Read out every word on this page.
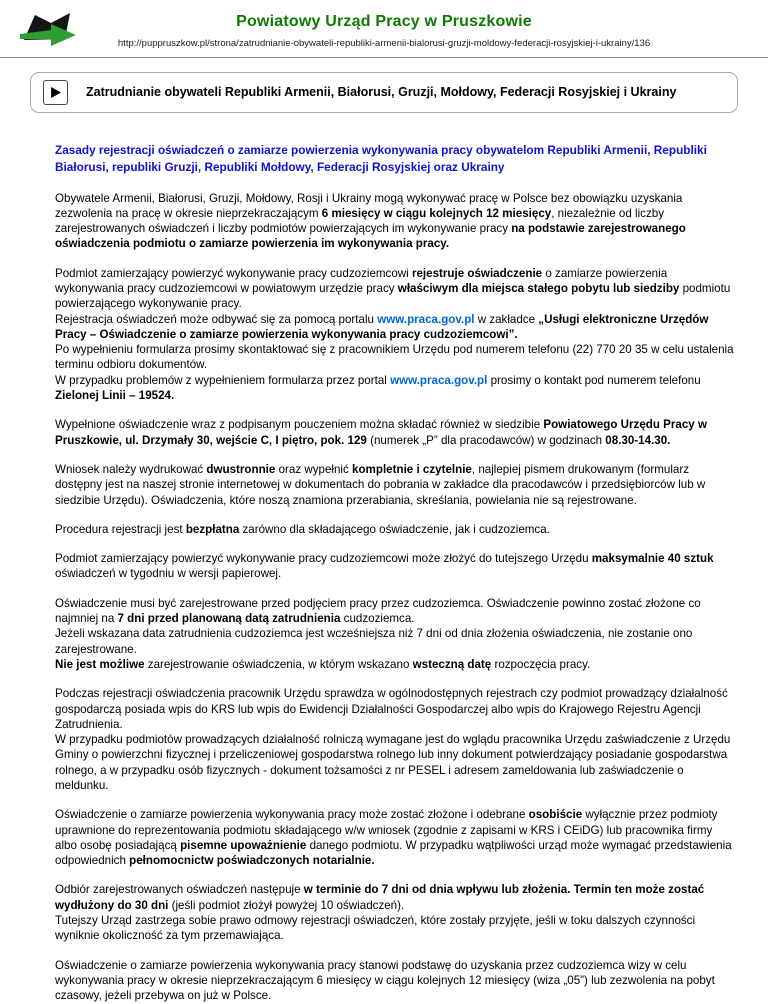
Powiatowy Urząd Pracy w Pruszkowie
http://puppruszkow.pl/strona/zatrudnianie-obywateli-republiki-armenii-bialorusi-gruzji-moldowy-federacji-rosyjskiej-i-ukrainy/136
Zatrudnianie obywateli Republiki Armenii, Białorusi, Gruzji, Mołdowy, Federacji Rosyjskiej i Ukrainy

Zasady rejestracji oświadczeń o zamiarze powierzenia wykonywania pracy obywatelom Republiki Armenii, Republiki Białorusi, republiki Gruzji, Republiki Mołdowy, Federacji Rosyjskiej oraz Ukrainy

Obywatele Armenii, Białorusi, Gruzji, Mołdowy, Rosji i Ukrainy mogą wykonywać pracę w Polsce bez obowiązku uzyskania zezwolenia na pracę w okresie nieprzekraczającym 6 miesięcy w ciągu kolejnych 12 miesięcy, niezależnie od liczby zarejestrowanych oświadczeń i liczby podmiotów powierzających im wykonywanie pracy na podstawie zarejestrowanego oświadczenia podmiotu o zamiarze powierzenia im wykonywania pracy.

Podmiot zamierzający powierzyć wykonywanie pracy cudzoziemcowi rejestruje oświadczenie o zamiarze powierzenia wykonywania pracy cudzoziemcowi w powiatowym urzędzie pracy właściwym dla miejsca stałego pobytu lub siedziby podmiotu powierzającego wykonywanie pracy.
Rejestracja oświadczeń może odbywać się za pomocą portalu www.praca.gov.pl w zakładce „Usługi elektroniczne Urzędów Pracy – Oświadczenie o zamiarze powierzenia wykonywania pracy cudzoziemcowi”.
Po wypełnieniu formularza prosimy skontaktować się z pracownikiem Urzędu pod numerem telefonu (22) 770 20 35 w celu ustalenia terminu odbioru dokumentów.
W przypadku problemów z wypełnieniem formularza przez portal www.praca.gov.pl prosimy o kontakt pod numerem telefonu Zielonej Linii – 19524.

Wypełnione oświadczenie wraz z podpisanym pouczeniem można składać również w siedzibie Powiatowego Urzędu Pracy w Pruszkowie, ul. Drzymały 30, wejście C, I piętro, pok. 129 (numerek „P” dla pracodawców) w godzinach 08.30-14.30.

Wniosek należy wydrukować dwustronnie oraz wypełnić kompletnie i czytelnie, najlepiej pismem drukowanym (formularz dostępny jest na naszej stronie internetowej w dokumentach do pobrania w zakładce dla pracodawców i przedsiębiorców lub w siedzibie Urzędu). Oświadczenia, które noszą znamiona przerabiania, skreślania, powielania nie są rejestrowane.

Procedura rejestracji jest bezpłatna zarówno dla składającego oświadczenie, jak i cudzoziemca.

Podmiot zamierzający powierzyć wykonywanie pracy cudzoziemcowi może złożyć do tutejszego Urzędu maksymalnie 40 sztuk oświadczeń w tygodniu w wersji papierowej.

Oświadczenie musi być zarejestrowane przed podjęciem pracy przez cudzoziemca. Oświadczenie powinno zostać złożone co najmniej na 7 dni przed planowaną datą zatrudnienia cudzoziemca.
Jeżeli wskazana data zatrudnienia cudzoziemca jest wcześniejsza niż 7 dni od dnia złożenia oświadczenia, nie zostanie ono zarejestrowane.
Nie jest możliwe zarejestrowanie oświadczenia, w którym wskazano wsteczną datę rozpoczęcia pracy.

Podczas rejestracji oświadczenia pracownik Urzędu sprawdza w ogólnodostępnych rejestrach czy podmiot prowadzący działalność gospodarczą posiada wpis do KRS lub wpis do Ewidencji Działalności Gospodarczej albo wpis do Krajowego Rejestru Agencji Zatrudnienia.
W przypadku podmiotów prowadzących działalność rolniczą wymagane jest do wglądu pracownika Urzędu zaświadczenie z Urzędu Gminy o powierzchni fizycznej i przeliczeniowej gospodarstwa rolnego lub inny dokument potwierdzający posiadanie gospodarstwa rolnego, a w przypadku osób fizycznych - dokument tożsamości z nr PESEL i adresem zameldowania lub zaświadczenie o meldunku.

Oświadczenie o zamiarze powierzenia wykonywania pracy może zostać złożone i odebrane osobiście wyłącznie przez podmioty uprawnione do reprezentowania podmiotu składającego w/w wniosek (zgodnie z zapisami w KRS i CEiDG) lub pracownika firmy albo osobę posiadającą pisemne upoważnienie danego podmiotu. W przypadku wątpliwości urząd może wymagać przedstawienia odpowiednich pełnomocnictw poświadczonych notarialnie.

Odbiór zarejestrowanych oświadczeń następuje w terminie do 7 dni od dnia wpływu lub złożenia. Termin ten może zostać wydłużony do 30 dni (jeśli podmiot złożył powyżej 10 oświadczeń).
Tutejszy Urząd zastrzega sobie prawo odmowy rejestracji oświadczeń, które zostały przyjęte, jeśli w toku dalszych czynności wyniknie okoliczność za tym przemawiająca.

Oświadczenie o zamiarze powierzenia wykonywania pracy stanowi podstawę do uzyskania przez cudzoziemca wizy w celu wykonywania pracy w okresie nieprzekraczającym 6 miesięcy w ciągu kolejnych 12 miesięcy (wiza „05”) lub zezwolenia na pobyt czasowy, jeżeli przebywa on już w Polsce.
